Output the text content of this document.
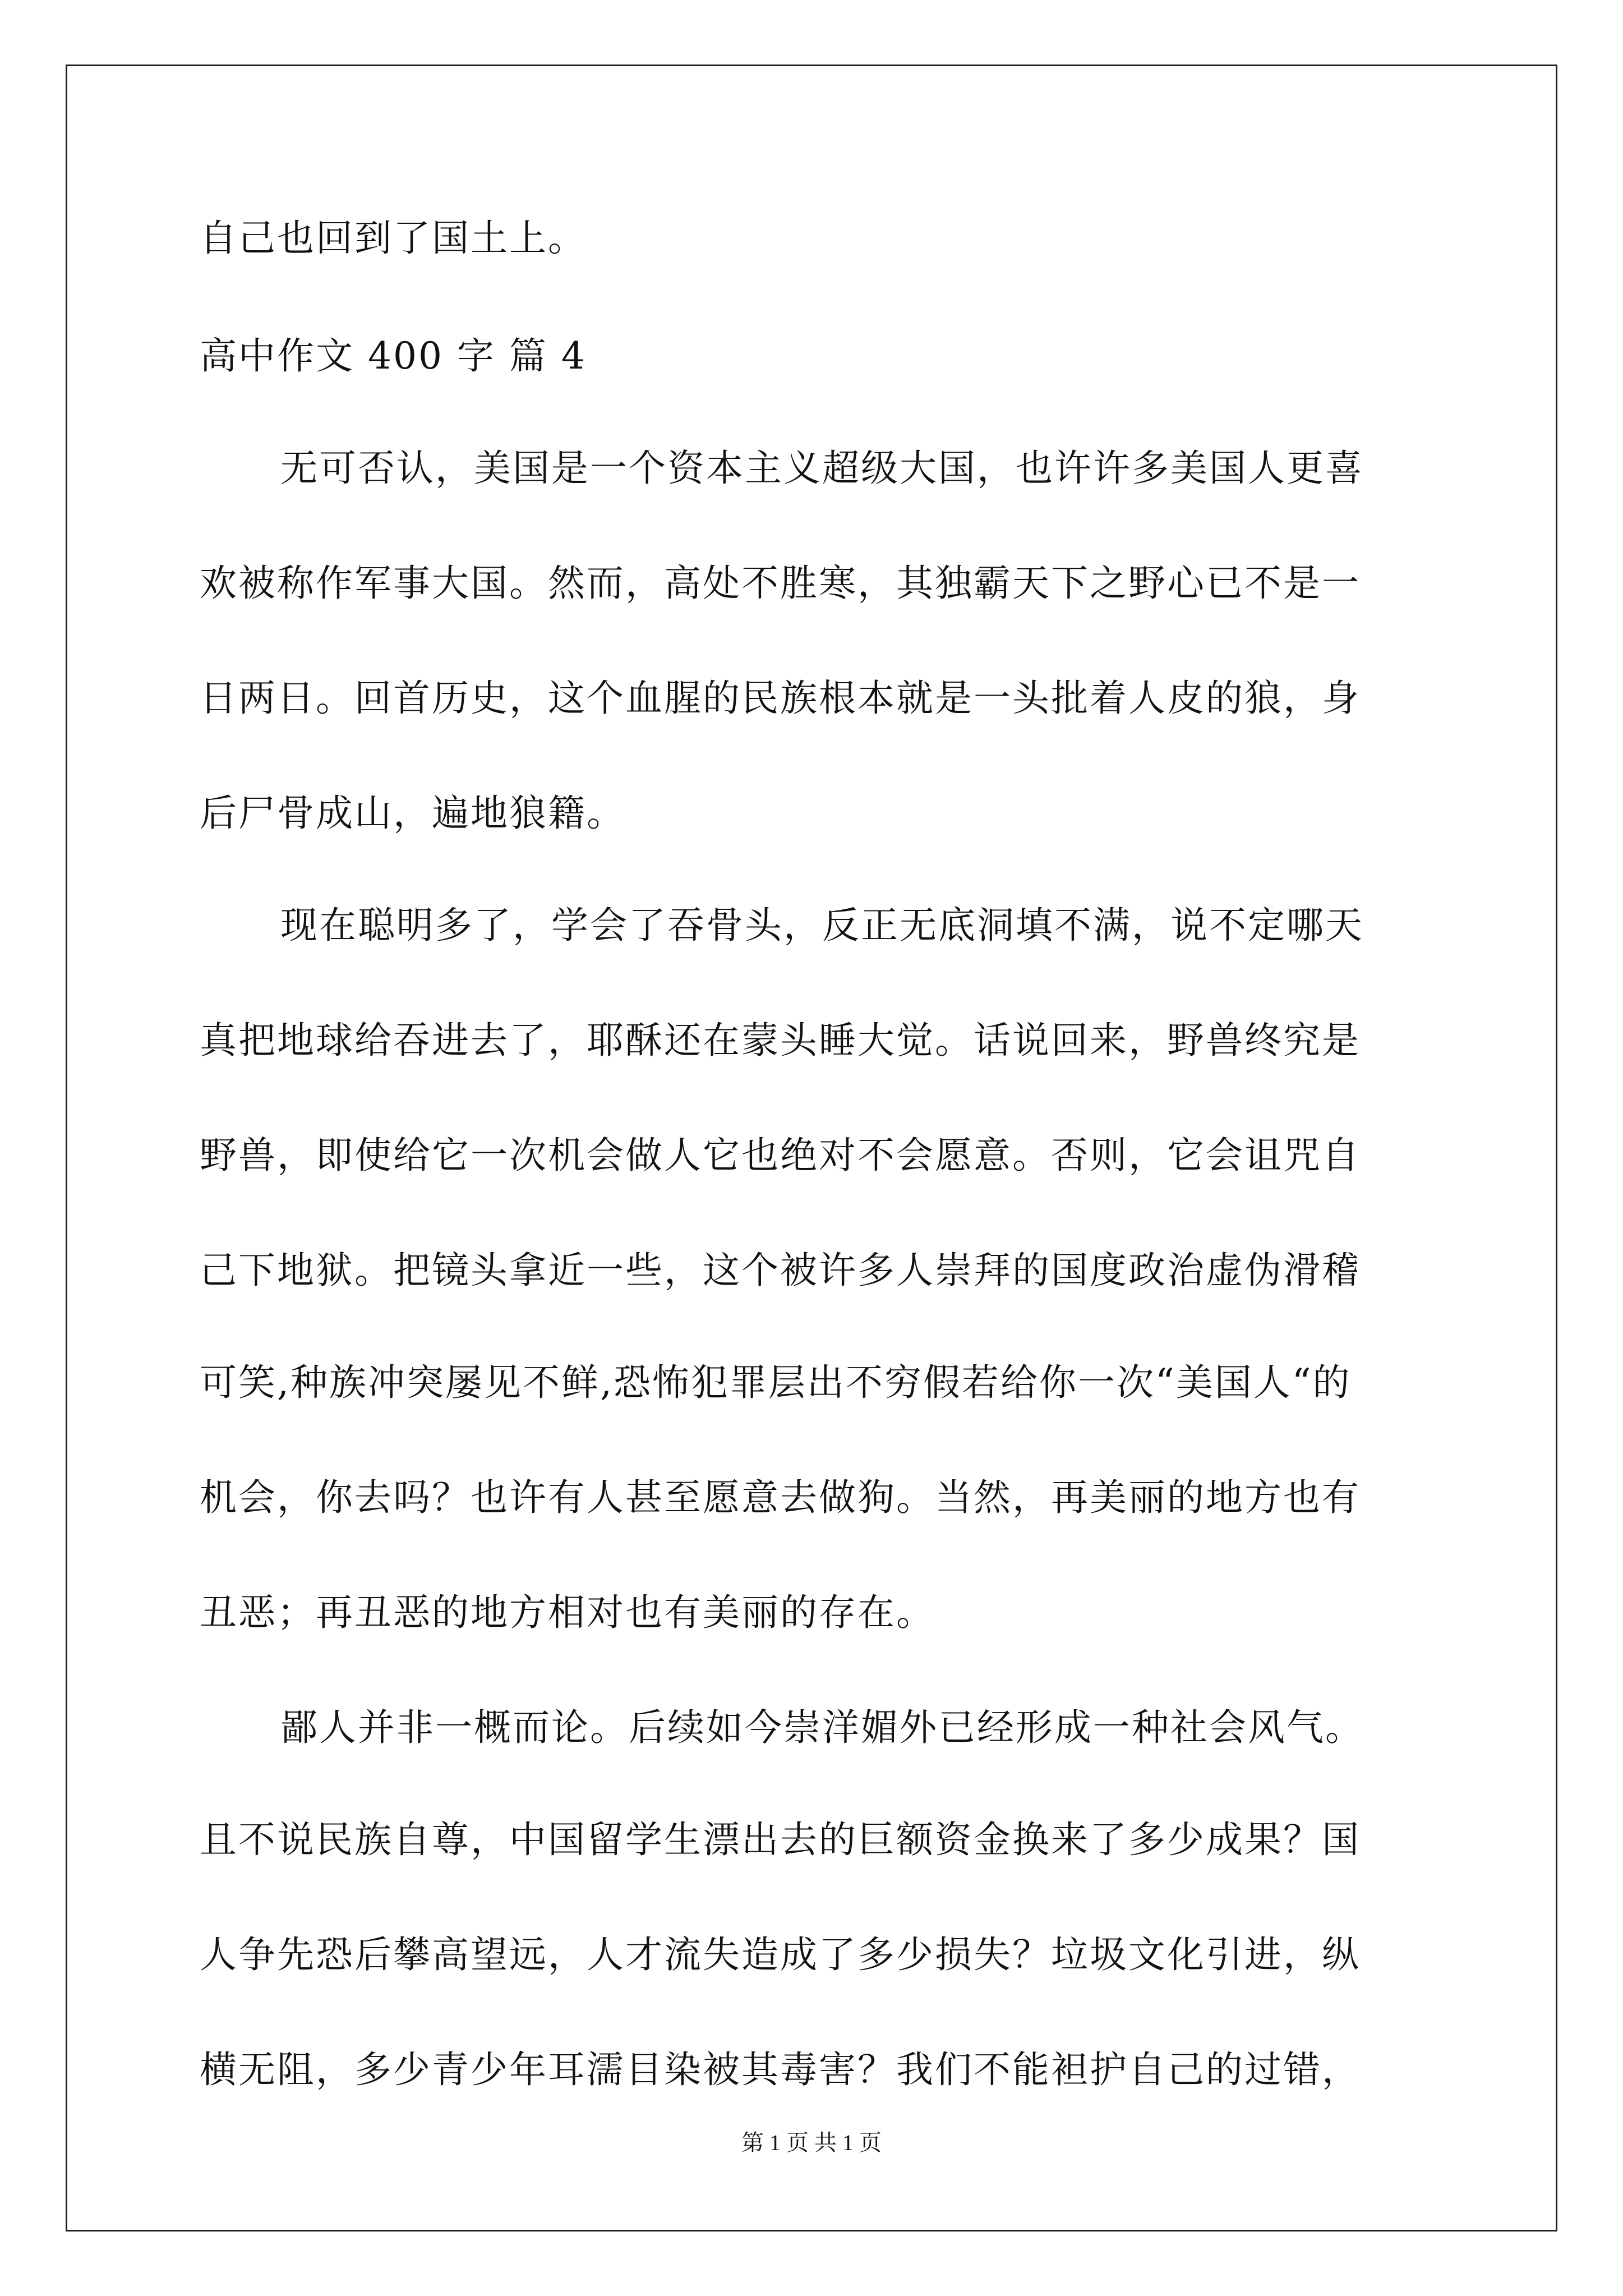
自己也回到了国土上。
高中作文 400 字 篇 4
无可否认，美国是一个资本主义超级大国，也许许多美国人更喜
欢被称作军事大国。然而，高处不胜寒，其独霸天下之野心已不是一
日两日。回首历史，这个血腥的民族根本就是一头批着人皮的狼，身
后尸骨成山，遍地狼籍。
现在聪明多了，学会了吞骨头，反正无底洞填不满，说不定哪天
真把地球给吞进去了，耶酥还在蒙头睡大觉。话说回来，野兽终究是
野兽，即使给它一次机会做人它也绝对不会愿意。否则，它会诅咒自
己下地狱。把镜头拿近一些，这个被许多人崇拜的国度政治虚伪滑稽
可笑,种族冲突屡见不鲜,恐怖犯罪层出不穷假若给你一次“美国人“的
机会，你去吗？也许有人甚至愿意去做狗。当然，再美丽的地方也有
丑恶；再丑恶的地方相对也有美丽的存在。
鄙人并非一概而论。后续如今崇洋媚外已经形成一种社会风气。
且不说民族自尊，中国留学生漂出去的巨额资金换来了多少成果？国
人争先恐后攀高望远，人才流失造成了多少损失？垃圾文化引进，纵
横无阻，多少青少年耳濡目染被其毒害？我们不能袒护自己的过错，
第 1 页 共 1 页
